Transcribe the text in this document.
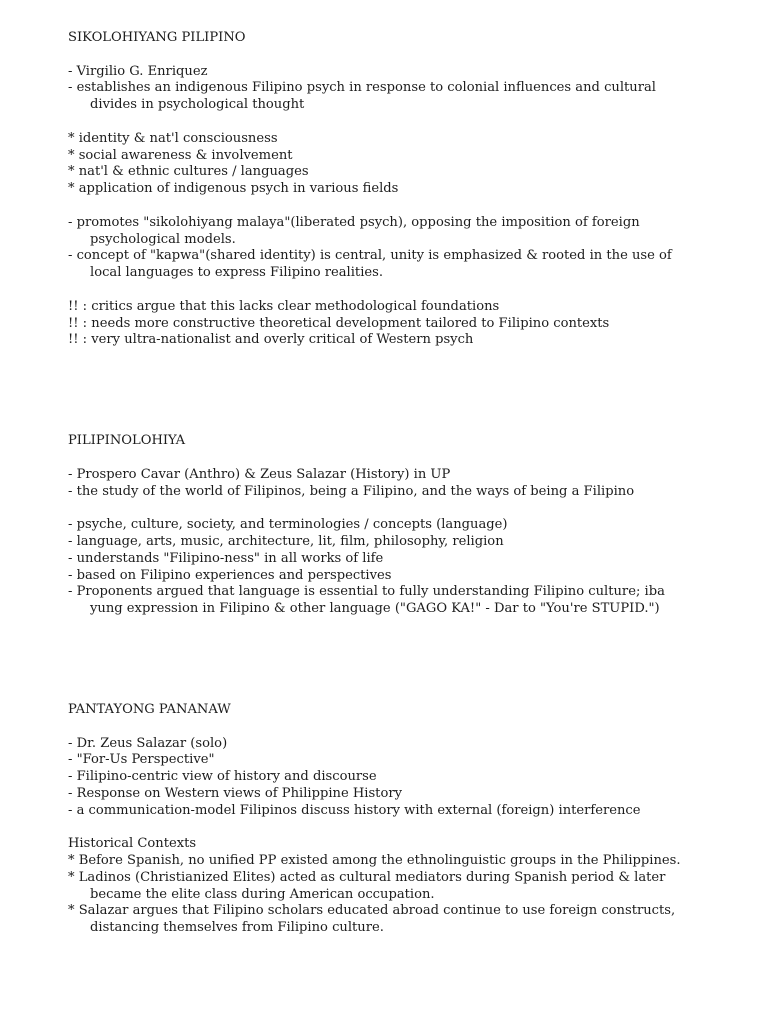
SIKOLOHIYANG PILIPINO
- Virgilio G. Enriquez
- establishes an indigenous Filipino psych in response to colonial influences and cultural
divides in psychological thought
* identity & nat'l consciousness
* social awareness & involvement
* nat'l & ethnic cultures / languages
* application of indigenous psych in various fields
- promotes "sikolohiyang malaya"(liberated psych), opposing the imposition of foreign
psychological models.
- concept of "kapwa"(shared identity) is central, unity is emphasized & rooted in the use of
local languages to express Filipino realities.
!! : critics argue that this lacks clear methodological foundations
!! : needs more constructive theoretical development tailored to Filipino contexts
!! : very ultra-nationalist and overly critical of Western psych
PILIPINOLOHIYA
- Prospero Cavar (Anthro) & Zeus Salazar (History) in UP
- the study of the world of Filipinos, being a Filipino, and the ways of being a Filipino
- psyche, culture, society, and terminologies / concepts (language)
- language, arts, music, architecture, lit, film, philosophy, religion
- understands "Filipino-ness" in all works of life
- based on Filipino experiences and perspectives
- Proponents argued that language is essential to fully understanding Filipino culture; iba
yung expression in Filipino & other language ("GAGO KA!" - Dar to "You're STUPID.")
PANTAYONG PANANAW
- Dr. Zeus Salazar (solo)
- "For-Us Perspective"
- Filipino-centric view of history and discourse
- Response on Western views of Philippine History
- a communication-model Filipinos discuss history with external (foreign) interference
Historical Contexts
* Before Spanish, no unified PP existed among the ethnolinguistic groups in the Philippines.
* Ladinos (Christianized Elites) acted as cultural mediators during Spanish period & later
became the elite class during American occupation.
* Salazar argues that Filipino scholars educated abroad continue to use foreign constructs,
distancing themselves from Filipino culture.
